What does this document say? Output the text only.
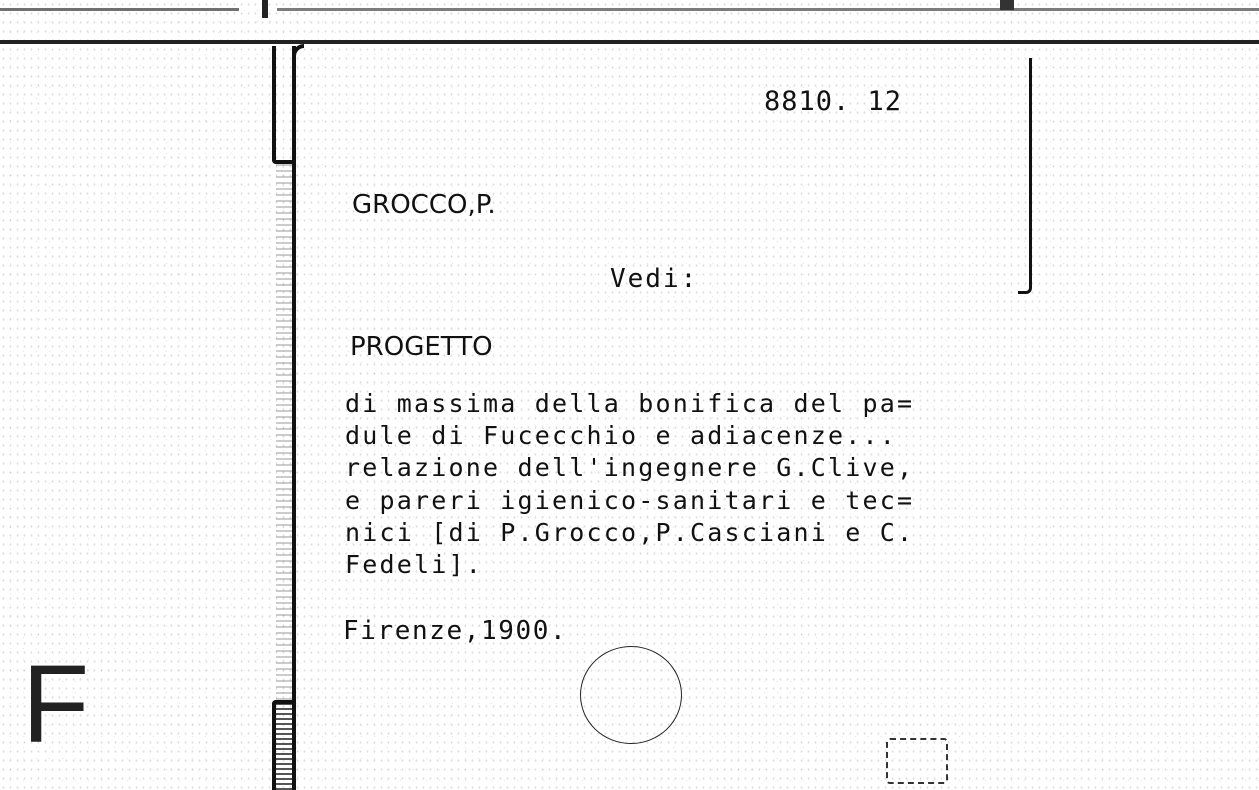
8810. 12
GROCCO,P.
Vedi:
PROGETTO
di massima della bonifica del pa=
dule di Fucecchio e adiacenze...
relazione dell'ingegnere G.Clive,
e pareri igienico-sanitari e tec=
nici [di P.Grocco,P.Casciani e C.
Fedeli].
Firenze,1900.
F
